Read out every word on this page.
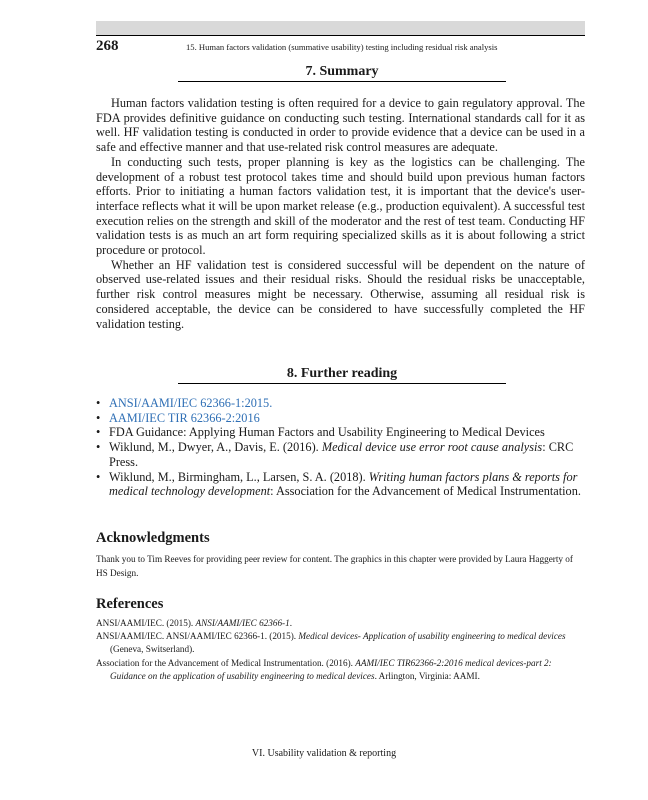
268	15. Human factors validation (summative usability) testing including residual risk analysis
7. Summary

Human factors validation testing is often required for a device to gain regulatory approval. The FDA provides definitive guidance on conducting such testing. International standards call for it as well. HF validation testing is conducted in order to provide evidence that a device can be used in a safe and effective manner and that use-related risk control measures are adequate.

In conducting such tests, proper planning is key as the logistics can be challenging. The development of a robust test protocol takes time and should build upon previous human factors efforts. Prior to initiating a human factors validation test, it is important that the device's user-interface reflects what it will be upon market release (e.g., production equivalent). A successful test execution relies on the strength and skill of the moderator and the rest of test team. Conducting HF validation tests is as much an art form requiring specialized skills as it is about following a strict procedure or protocol.

Whether an HF validation test is considered successful will be dependent on the nature of observed use-related issues and their residual risks. Should the residual risks be unacceptable, further risk control measures might be necessary. Otherwise, assuming all residual risk is considered acceptable, the device can be considered to have successfully completed the HF validation testing.

8. Further reading
• ANSI/AAMI/IEC 62366-1:2015.
• AAMI/IEC TIR 62366-2:2016
• FDA Guidance: Applying Human Factors and Usability Engineering to Medical Devices
• Wiklund, M., Dwyer, A., Davis, E. (2016). Medical device use error root cause analysis: CRC Press.
• Wiklund, M., Birmingham, L., Larsen, S. A. (2018). Writing human factors plans & reports for medical technology development: Association for the Advancement of Medical Instrumentation.
Acknowledgments
Thank you to Tim Reeves for providing peer review for content. The graphics in this chapter were provided by Laura Haggerty of HS Design.
References
ANSI/AAMI/IEC. (2015). ANSI/AAMI/IEC 62366-1.
ANSI/AAMI/IEC. ANSI/AAMI/IEC 62366-1. (2015). Medical devices- Application of usability engineering to medical devices (Geneva, Switserland).
Association for the Advancement of Medical Instrumentation. (2016). AAMI/IEC TIR62366-2:2016 medical devices-part 2: Guidance on the application of usability engineering to medical devices. Arlington, Virginia: AAMI.
VI. Usability validation & reporting
